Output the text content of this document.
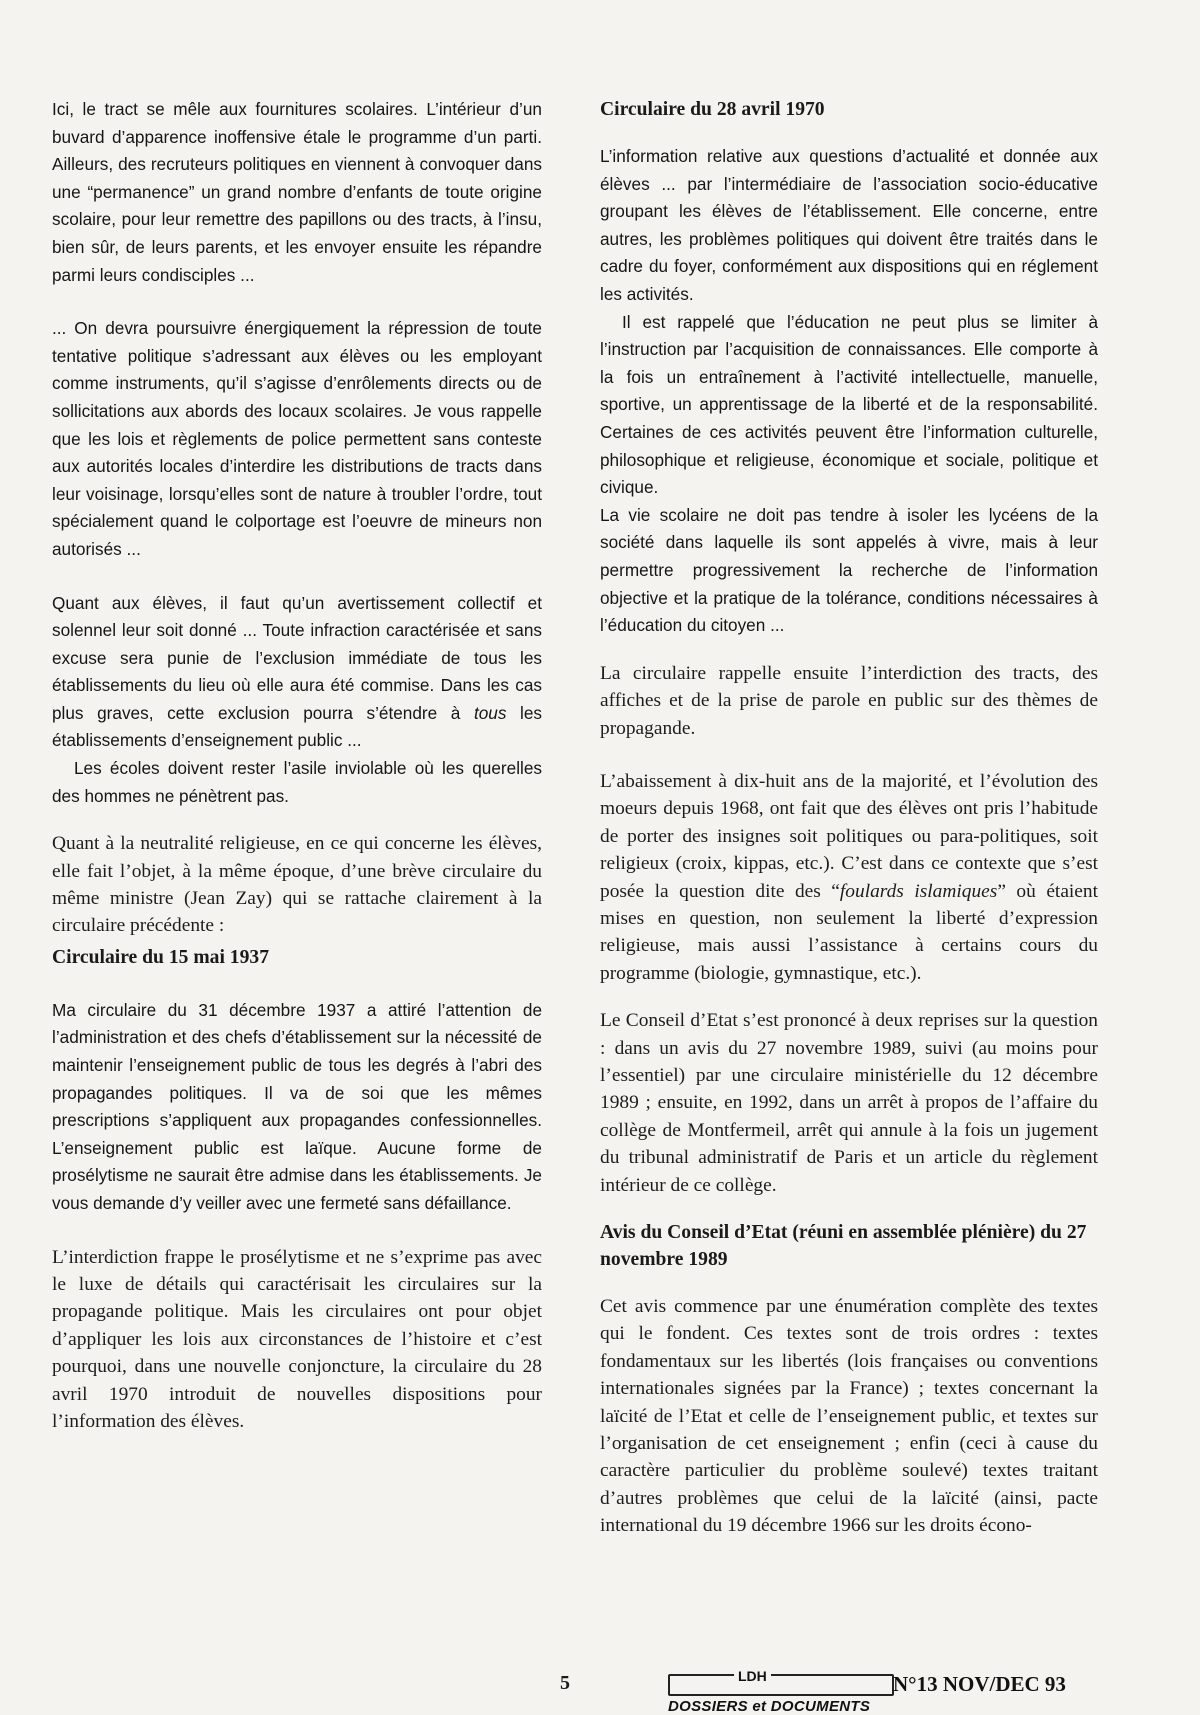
Ici, le tract se mêle aux fournitures scolaires. L’intérieur d’un buvard d’apparence inoffensive étale le programme d’un parti. Ailleurs, des recruteurs politiques en viennent à convoquer dans une “permanence” un grand nombre d’enfants de toute origine scolaire, pour leur remettre des papillons ou des tracts, à l’insu, bien sûr, de leurs parents, et les envoyer ensuite les répandre parmi leurs condisciples ...

... On devra poursuivre énergiquement la répression de toute tentative politique s’adressant aux élèves ou les employant comme instruments, qu’il s’agisse d’enrôlements directs ou de sollicitations aux abords des locaux scolaires. Je vous rappelle que les lois et règlements de police permettent sans conteste aux autorités locales d’interdire les distributions de tracts dans leur voisinage, lorsqu’elles sont de nature à troubler l’ordre, tout spécialement quand le colportage est l’oeuvre de mineurs non autorisés ...

Quant aux élèves, il faut qu’un avertissement collectif et solennel leur soit donné ... Toute infraction caractérisée et sans excuse sera punie de l’exclusion immédiate de tous les établissements du lieu où elle aura été commise. Dans les cas plus graves, cette exclusion pourra s’étendre à tous les établissements d’enseignement public ...

Les écoles doivent rester l’asile inviolable où les querelles des hommes ne pénètrent pas.

Quant à la neutralité religieuse, en ce qui concerne les élèves, elle fait l’objet, à la même époque, d’une brève circulaire du même ministre (Jean Zay) qui se rattache clairement à la circulaire précédente :

Circulaire du 15 mai 1937

Ma circulaire du 31 décembre 1937 a attiré l’attention de l’administration et des chefs d’établissement sur la nécessité de maintenir l’enseignement public de tous les degrés à l’abri des propagandes politiques. Il va de soi que les mêmes prescriptions s’appliquent aux propagandes confessionnelles. L’enseignement public est laïque. Aucune forme de prosélytisme ne saurait être admise dans les établissements. Je vous demande d’y veiller avec une fermeté sans défaillance.

L’interdiction frappe le prosélytisme et ne s’exprime pas avec le luxe de détails qui caractérisait les circulaires sur la propagande politique. Mais les circulaires ont pour objet d’appliquer les lois aux circonstances de l’histoire et c’est pourquoi, dans une nouvelle conjoncture, la circulaire du 28 avril 1970 introduit de nouvelles dispositions pour l’information des élèves.

Circulaire du 28 avril 1970

L’information relative aux questions d’actualité et donnée aux élèves ... par l’intermédiaire de l’association socio-éducative groupant les élèves de l’établissement. Elle concerne, entre autres, les problèmes politiques qui doivent être traités dans le cadre du foyer, conformément aux dispositions qui en réglement les activités.

Il est rappelé que l’éducation ne peut plus se limiter à l’instruction par l’acquisition de connaissances. Elle comporte à la fois un entraînement à l’activité intellectuelle, manuelle, sportive, un apprentissage de la liberté et de la responsabilité. Certaines de ces activités peuvent être l’information culturelle, philosophique et religieuse, économique et sociale, politique et civique.

La vie scolaire ne doit pas tendre à isoler les lycéens de la société dans laquelle ils sont appelés à vivre, mais à leur permettre progressivement la recherche de l’information objective et la pratique de la tolérance, conditions nécessaires à l’éducation du citoyen ...

La circulaire rappelle ensuite l’interdiction des tracts, des affiches et de la prise de parole en public sur des thèmes de propagande.

L’abaissement à dix-huit ans de la majorité, et l’évolution des moeurs depuis 1968, ont fait que des élèves ont pris l’habitude de porter des insignes soit politiques ou para-politiques, soit religieux (croix, kippas, etc.). C’est dans ce contexte que s’est posée la question dite des “foulards islamiques” où étaient mises en question, non seulement la liberté d’expression religieuse, mais aussi l’assistance à certains cours du programme (biologie, gymnastique, etc.).

Le Conseil d’Etat s’est prononcé à deux reprises sur la question : dans un avis du 27 novembre 1989, suivi (au moins pour l’essentiel) par une circulaire ministérielle du 12 décembre 1989 ; ensuite, en 1992, dans un arrêt à propos de l’affaire du collège de Montfermeil, arrêt qui annule à la fois un jugement du tribunal administratif de Paris et un article du règlement intérieur de ce collège.

Avis du Conseil d’Etat (réuni en assemblée plénière) du 27 novembre 1989

Cet avis commence par une énumération complète des textes qui le fondent. Ces textes sont de trois ordres : textes fondamentaux sur les libertés (lois françaises ou conventions internationales signées par la France) ; textes concernant la laïcité de l’Etat et celle de l’enseignement public, et textes sur l’organisation de cet enseignement ; enfin (ceci à cause du caractère particulier du problème soulevé) textes traitant d’autres problèmes que celui de la laïcité (ainsi, pacte international du 19 décembre 1966 sur les droits écono-

5	LDH
DOSSIERS et DOCUMENTS
N°13 NOV/DEC 93
